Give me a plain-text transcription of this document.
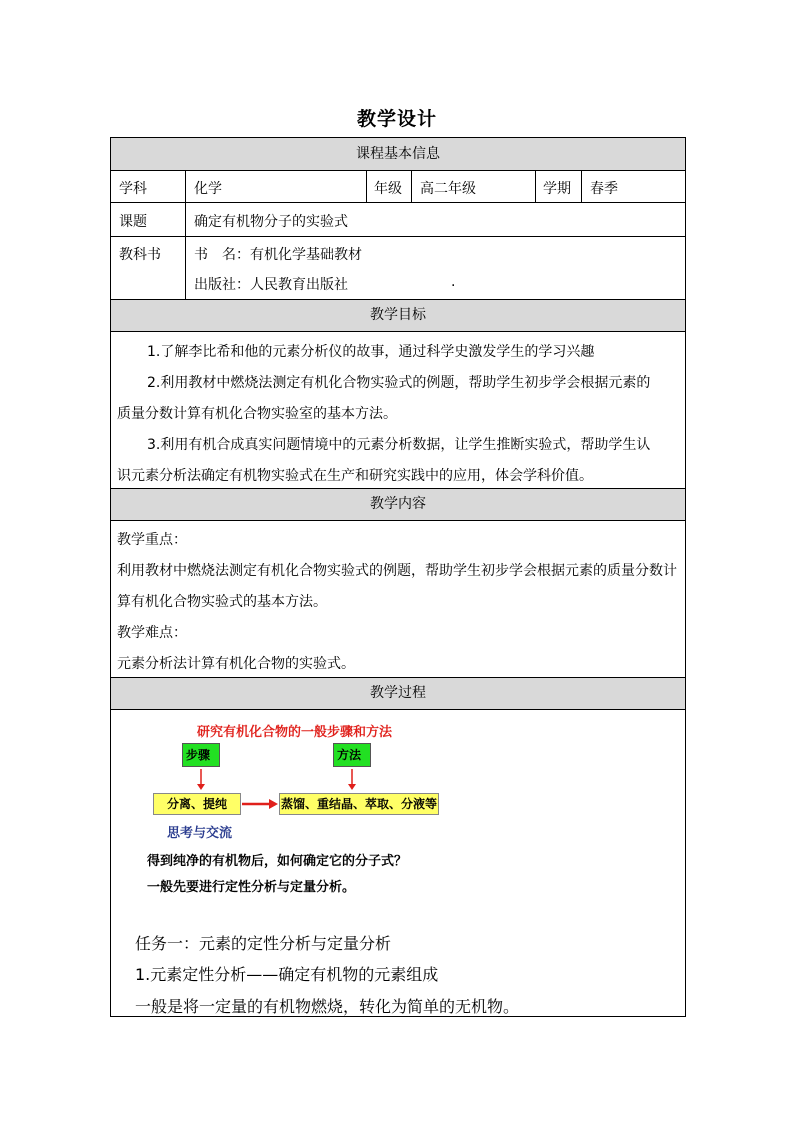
教学设计
课程基本信息
学科	化学	年级 高二年级	学期 春季
课题	确定有机物分子的实验式
教科书 书　名：有机化学基础教材
出版社：人民教育出版社	.
教学目标
1.了解李比希和他的元素分析仪的故事，通过科学史激发学生的学习兴趣
2.利用教材中燃烧法测定有机化合物实验式的例题，帮助学生初步学会根据元素的
质量分数计算有机化合物实验室的基本方法。
3.利用有机合成真实问题情境中的元素分析数据，让学生推断实验式，帮助学生认
识元素分析法确定有机物实验式在生产和研究实践中的应用，体会学科价值。
教学内容
教学重点：
利用教材中燃烧法测定有机化合物实验式的例题，帮助学生初步学会根据元素的质量分数计
算有机化合物实验式的基本方法。
教学难点：
元素分析法计算有机化合物的实验式。
教学过程
研究有机化合物的一般步骤和方法
步骤	方法
分离、提纯	蒸馏、重结晶、萃取、分液等
思考与交流
得到纯净的有机物后，如何确定它的分子式？
一般先要进行定性分析与定量分析。
任务一：元素的定性分析与定量分析
1.元素定性分析——确定有机物的元素组成
一般是将一定量的有机物燃烧，转化为简单的无机物。
